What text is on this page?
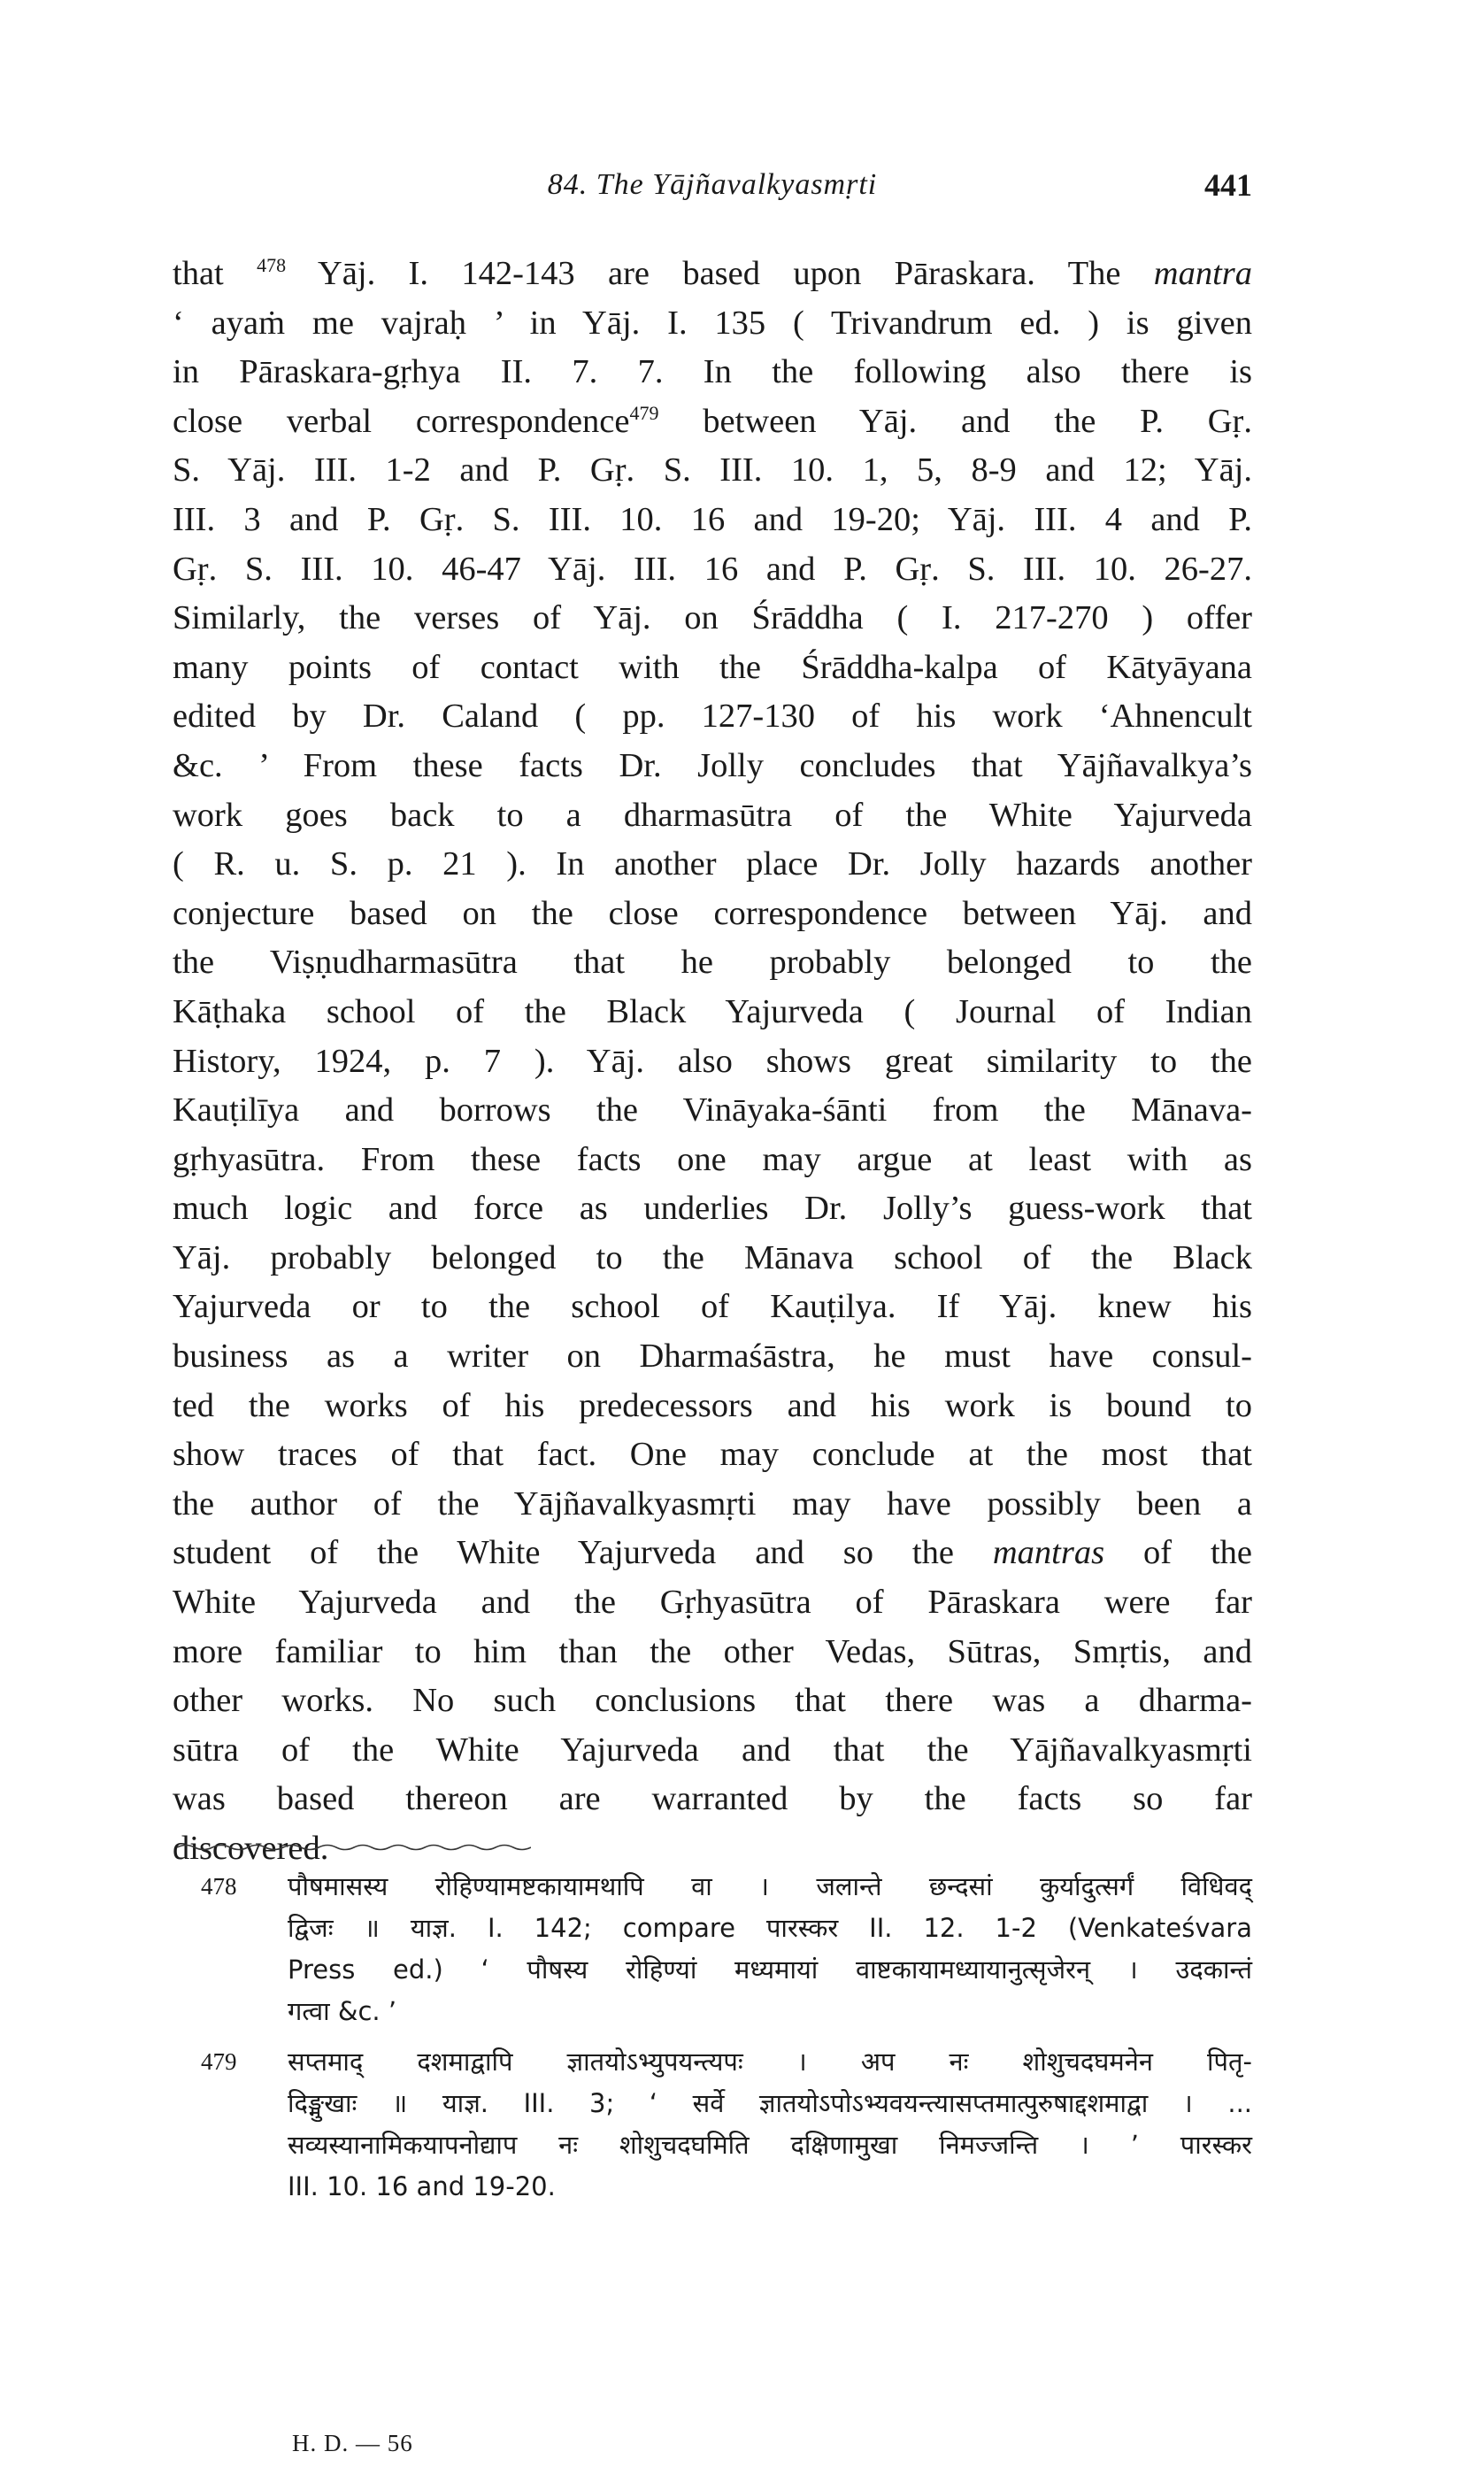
84. The Yājñavalkyasmṛti	441
that $^{478}$ Yāj. I. 142-143 are based upon Pāraskara. The mantra
‘ ayaṁ me vajraḥ ’ in Yāj. I. 135 ( Trivandrum ed. ) is given
in Pāraskara-gṛhya II. 7. 7. In the following also there is
close verbal correspondence$^{479}$ between Yāj. and the P. Gṛ.
S. Yāj. III. 1-2 and P. Gṛ. S. III. 10. 1, 5, 8-9 and 12; Yāj.
III. 3 and P. Gṛ. S. III. 10. 16 and 19-20; Yāj. III. 4 and P.
Gṛ. S. III. 10. 46-47 Yāj. III. 16 and P. Gṛ. S. III. 10. 26-27.
Similarly, the verses of Yāj. on Śrāddha ( I. 217-270 ) offer
many points of contact with the Śrāddha-kalpa of Kātyāyana
edited by Dr. Caland ( pp. 127-130 of his work ‘Ahnencult
&c. ’ From these facts Dr. Jolly concludes that Yājñavalkya’s
work goes back to a dharmasūtra of the White Yajurveda
( R. u. S. p. 21 ). In another place Dr. Jolly hazards another
conjecture based on the close correspondence between Yāj. and
the Viṣṇudharmasūtra that he probably belonged to the
Kāṭhaka school of the Black Yajurveda ( Journal of Indian
History, 1924, p. 7 ). Yāj. also shows great similarity to the
Kauṭilīya and borrows the Vināyaka-śānti from the Mānava-
gṛhyasūtra. From these facts one may argue at least with as
much logic and force as underlies Dr. Jolly’s guess-work that
Yāj. probably belonged to the Mānava school of the Black
Yajurveda or to the school of Kauṭilya. If Yāj. knew his
business as a writer on Dharmaśāstra, he must have consul-
ted the works of his predecessors and his work is bound to
show traces of that fact. One may conclude at the most that
the author of the Yājñavalkyasmṛti may have possibly been a
student of the White Yajurveda and so the mantras of the
White Yajurveda and the Gṛhyasūtra of Pāraskara were far
more familiar to him than the other Vedas, Sūtras, Smṛtis, and
other works. No such conclusions that there was a dharma-
sūtra of the White Yajurveda and that the Yājñavalkyasmṛti
was based thereon are warranted by the facts so far
discovered.
478 पौषमासस्य रोहिण्यामष्टकायामथापि वा । जलान्ते छन्दसां कुर्यादुत्सर्गं विधिवद्
द्विजः ॥ याज्ञ. I. 142; compare पारस्कर II. 12. 1-2 (Venkateśvara
Press ed.) ‘ पौषस्य रोहिण्यां मध्यमायां वाष्टकायामध्यायानुत्सृजेरन् । उदकान्तं
गत्वा &c. ’
479 सप्तमाद् दशमाद्वापि ज्ञातयोऽभ्युपयन्त्यपः । अप नः शोशुचदघमनेन पितृ-
दिङ्मुखाः ॥ याज्ञ. III. 3; ‘ सर्वे ज्ञातयोऽपोऽभ्यवयन्त्यासप्तमात्पुरुषाद्दशमाद्वा । ...
सव्यस्यानामिकयापनोद्याप नः शोशुचदघमिति दक्षिणामुखा निमज्जन्ति । ’ पारस्कर
III. 10. 16 and 19-20.
H. D. — 56
